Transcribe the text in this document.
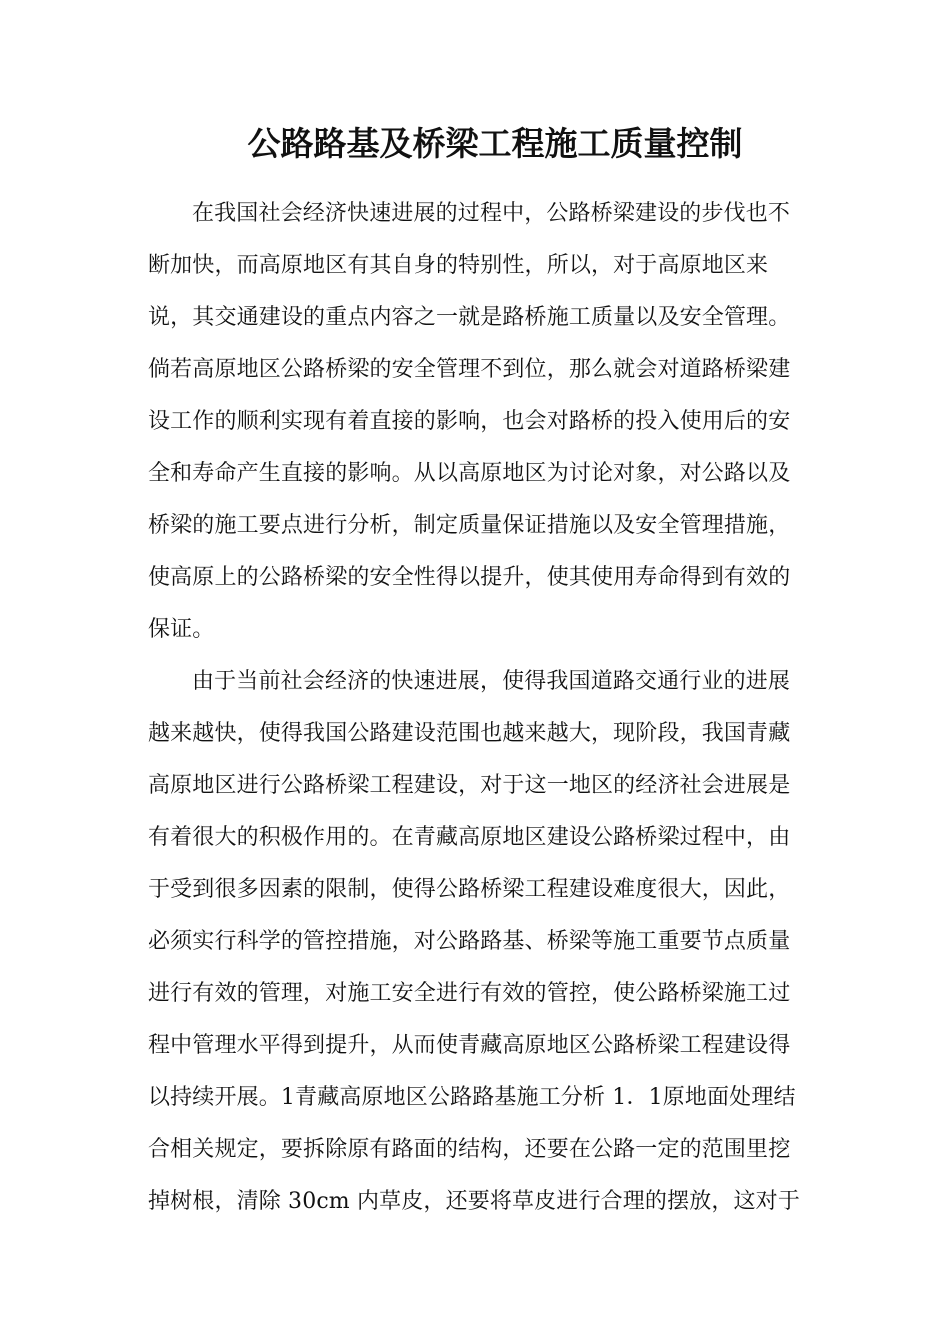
公路路基及桥梁工程施工质量控制
在我国社会经济快速进展的过程中，公路桥梁建设的步伐也不
断加快，而高原地区有其自身的特别性，所以，对于高原地区来
说，其交通建设的重点内容之一就是路桥施工质量以及安全管理。
倘若高原地区公路桥梁的安全管理不到位，那么就会对道路桥梁建
设工作的顺利实现有着直接的影响，也会对路桥的投入使用后的安
全和寿命产生直接的影响。从以高原地区为讨论对象，对公路以及
桥梁的施工要点进行分析，制定质量保证措施以及安全管理措施，
使高原上的公路桥梁的安全性得以提升，使其使用寿命得到有效的
保证。
由于当前社会经济的快速进展，使得我国道路交通行业的进展
越来越快，使得我国公路建设范围也越来越大，现阶段，我国青藏
高原地区进行公路桥梁工程建设，对于这一地区的经济社会进展是
有着很大的积极作用的。在青藏高原地区建设公路桥梁过程中，由
于受到很多因素的限制，使得公路桥梁工程建设难度很大，因此，
必须实行科学的管控措施，对公路路基、桥梁等施工重要节点质量
进行有效的管理，对施工安全进行有效的管控，使公路桥梁施工过
程中管理水平得到提升，从而使青藏高原地区公路桥梁工程建设得
以持续开展。1青藏高原地区公路路基施工分析 1．1原地面处理结
合相关规定，要拆除原有路面的结构，还要在公路一定的范围里挖
掉树根，清除 30cm 内草皮，还要将草皮进行合理的摆放，这对于
